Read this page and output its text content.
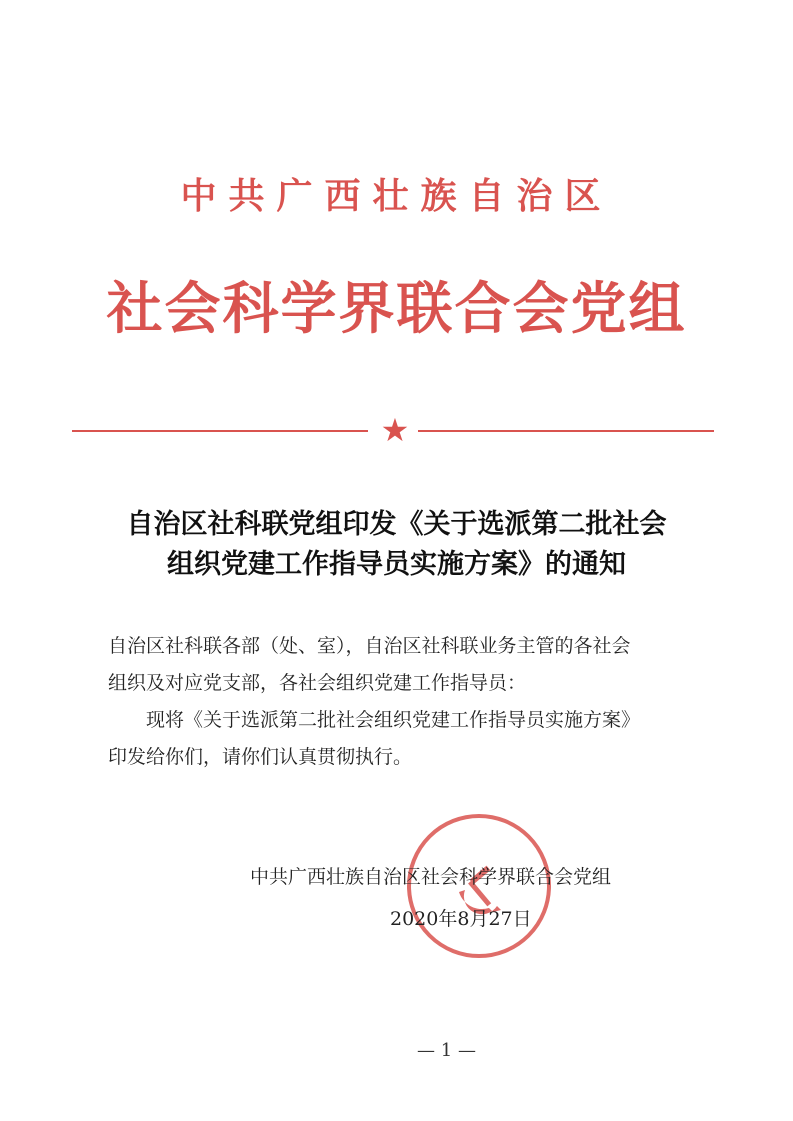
中共广西壮族自治区
社会科学界联合会党组
★
自治区社科联党组印发《关于选派第二批社会
组织党建工作指导员实施方案》的通知

自治区社科联各部（处、室），自治区社科联业务主管的各社会

组织及对应党支部，各社会组织党建工作指导员：

现将《关于选派第二批社会组织党建工作指导员实施方案》

印发给你们，请你们认真贯彻执行。

中共广西壮族自治区社会科学界联合会党组
2020年8月27日
— 1 —
